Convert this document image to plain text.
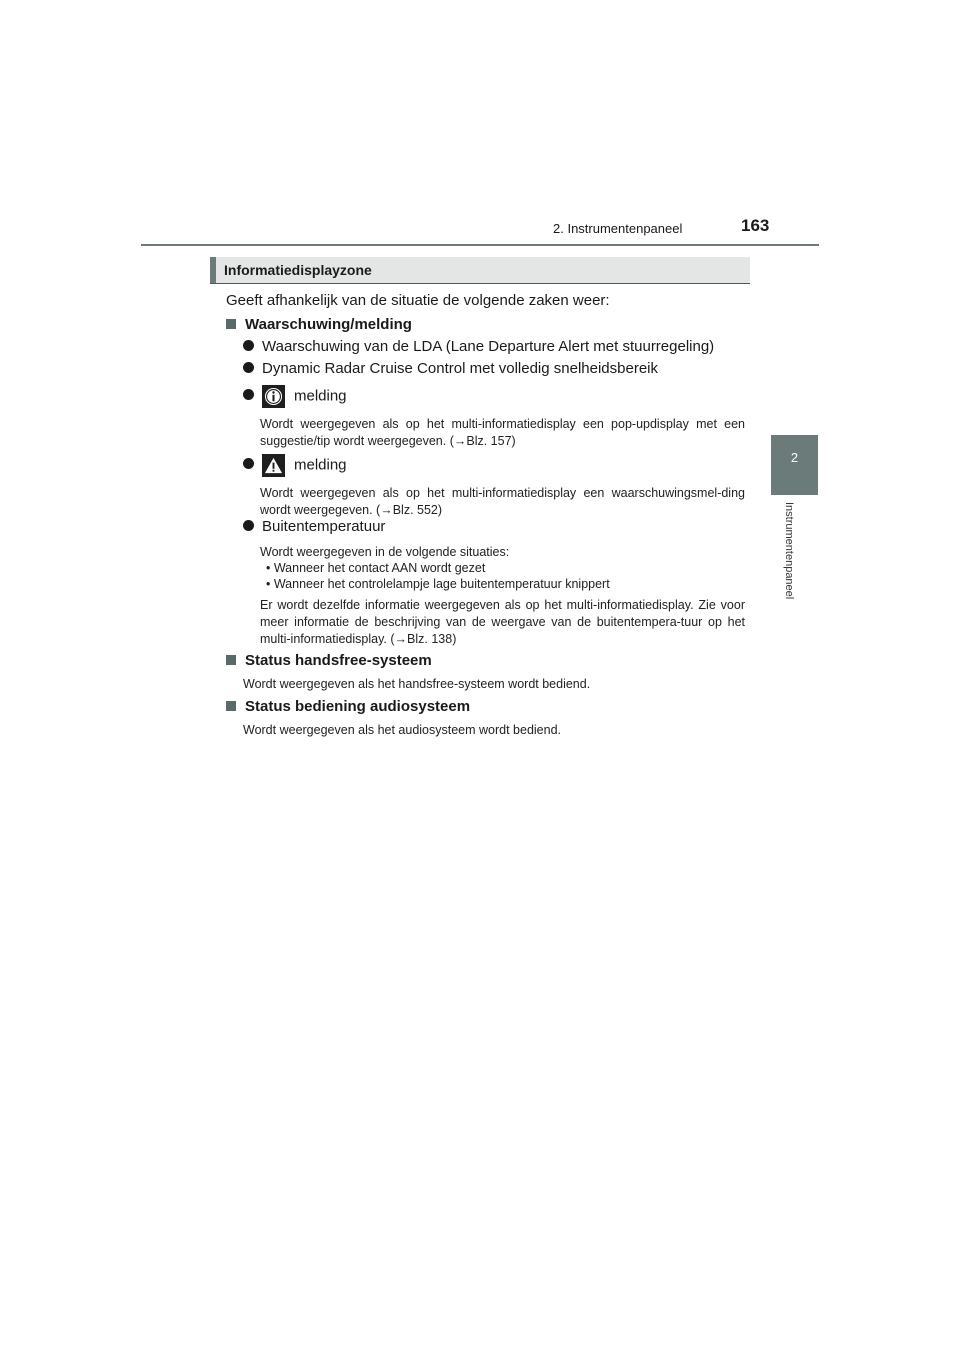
2. Instrumentenpaneel	163
2
Instrumentenpaneel
Informatiedisplayzone
Geeft afhankelijk van de situatie de volgende zaken weer:
Waarschuwing/melding
Waarschuwing van de LDA (Lane Departure Alert met stuurregeling)
Dynamic Radar Cruise Control met volledig snelheidsbereik
melding
Wordt weergegeven als op het multi-informatiedisplay een pop-updisplay met een suggestie/tip wordt weergegeven. (→Blz. 157)
melding
Wordt weergegeven als op het multi-informatiedisplay een waarschuwingsmel-ding wordt weergegeven. (→Blz. 552)
Buitentemperatuur
Wordt weergegeven in de volgende situaties:
• Wanneer het contact AAN wordt gezet
• Wanneer het controlelampje lage buitentemperatuur knippert
Er wordt dezelfde informatie weergegeven als op het multi-informatiedisplay. Zie voor meer informatie de beschrijving van de weergave van de buitentempera-tuur op het multi-informatiedisplay. (→Blz. 138)
Status handsfree-systeem
Wordt weergegeven als het handsfree-systeem wordt bediend.
Status bediening audiosysteem
Wordt weergegeven als het audiosysteem wordt bediend.
